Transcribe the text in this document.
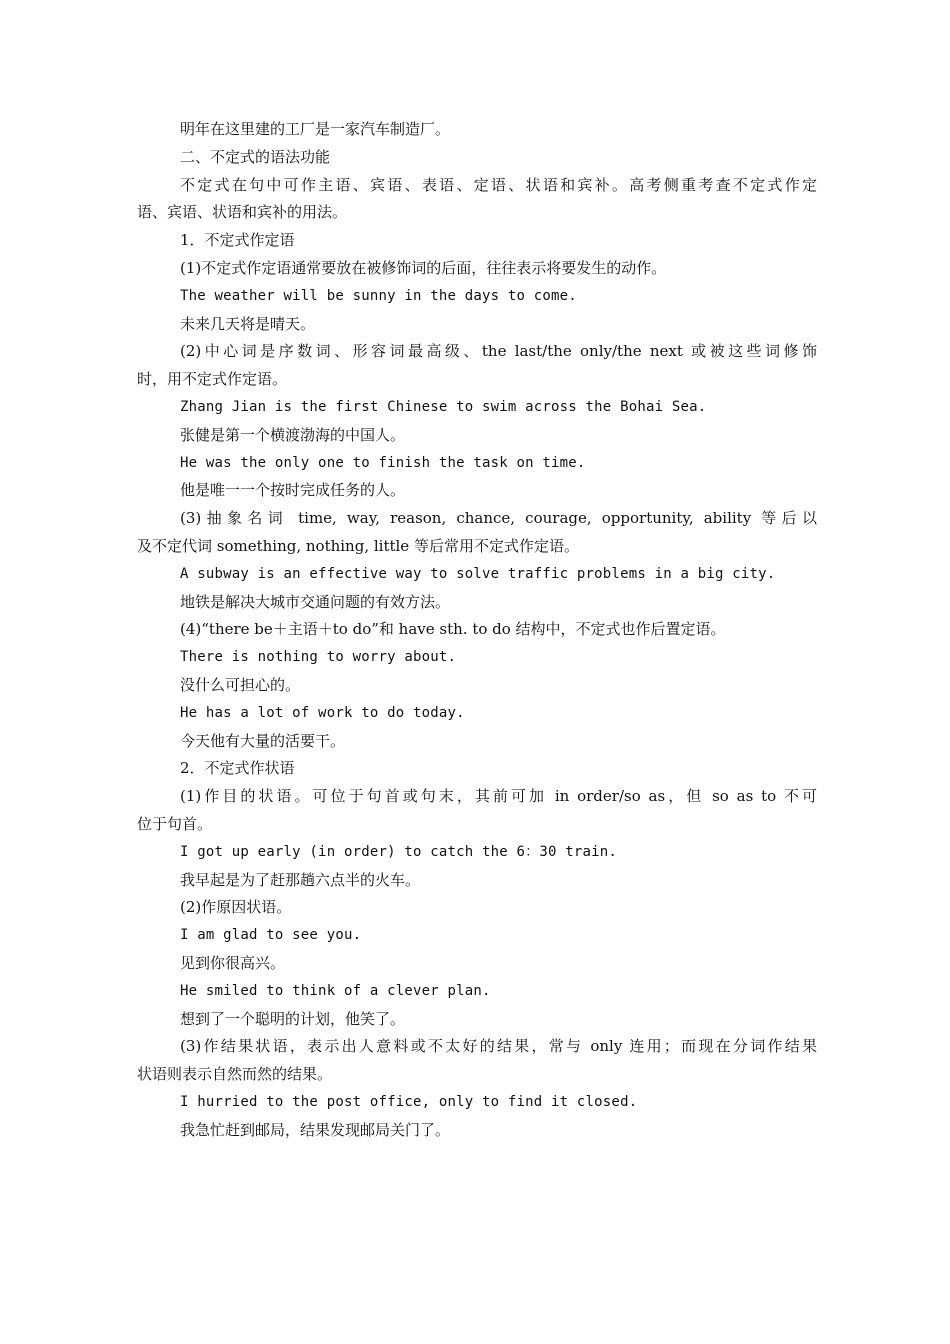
明年在这里建的工厂是一家汽车制造厂。
二、不定式的语法功能
不定式在句中可作主语、宾语、表语、定语、状语和宾补。高考侧重考查不定式作定
语、宾语、状语和宾补的用法。
1．不定式作定语
(1)不定式作定语通常要放在被修饰词的后面，往往表示将要发生的动作。
The weather will be sunny in the days to come.
未来几天将是晴天。
(2)中心词是序数词、形容词最高级、the last/the only/the next 或被这些词修饰
时，用不定式作定语。
Zhang Jian is the first Chinese to swim across the Bohai Sea.
张健是第一个横渡渤海的中国人。
He was the only one to finish the task on time.
他是唯一一个按时完成任务的人。
(3)抽象名词 time, way, reason, chance, courage, opportunity, ability 等后以
及不定代词 something, nothing, little 等后常用不定式作定语。
A subway is an effective way to solve traffic problems in a big city.
地铁是解决大城市交通问题的有效方法。
(4)“there be＋主语＋to do”和 have sth. to do 结构中，不定式也作后置定语。
There is nothing to worry about.
没什么可担心的。
He has a lot of work to do today.
今天他有大量的活要干。
2．不定式作状语
(1)作目的状语。可位于句首或句末，其前可加 in order/so as，但 so as to 不可
位于句首。
I got up early (in order) to catch the 6：30 train.
我早起是为了赶那趟六点半的火车。
(2)作原因状语。
I am glad to see you.
见到你很高兴。
He smiled to think of a clever plan.
想到了一个聪明的计划，他笑了。
(3)作结果状语，表示出人意料或不太好的结果，常与 only 连用；而现在分词作结果
状语则表示自然而然的结果。
I hurried to the post office, only to find it closed.
我急忙赶到邮局，结果发现邮局关门了。
